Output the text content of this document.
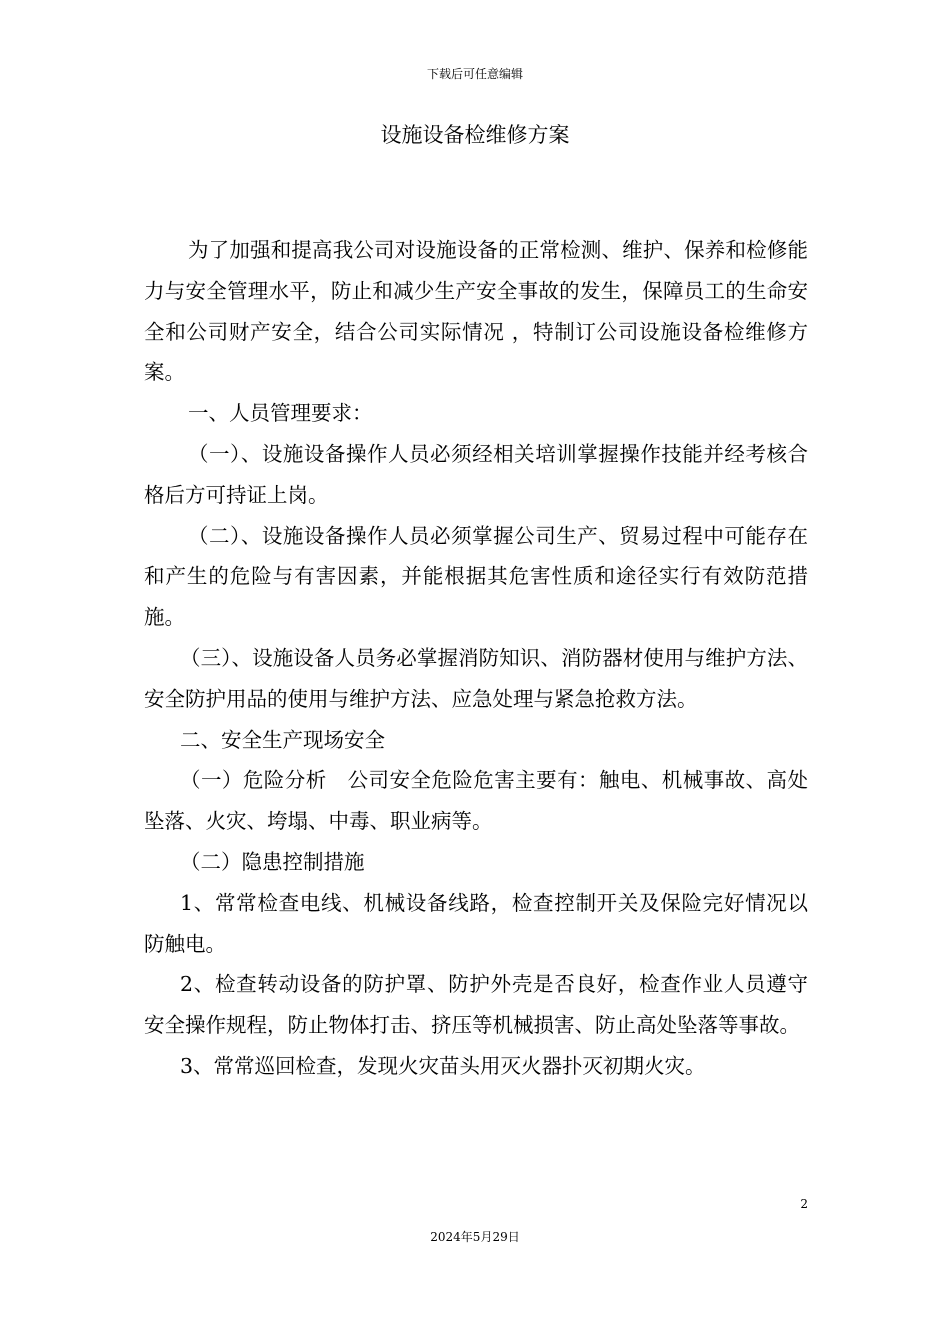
下载后可任意编辑
设施设备检维修方案

为了加强和提高我公司对设施设备的正常检测、维护、保养和检修能力与安全管理水平，防止和减少生产安全事故的发生，保障员工的生命安全和公司财产安全，结合公司实际情况 ，特制订公司设施设备检维修方案。

一、人员管理要求：

（一）、设施设备操作人员必须经相关培训掌握操作技能并经考核合格后方可持证上岗。

（二）、设施设备操作人员必须掌握公司生产、贸易过程中可能存在和产生的危险与有害因素，并能根据其危害性质和途径实行有效防范措施。

（三）、设施设备人员务必掌握消防知识、消防器材使用与维护方法、安全防护用品的使用与维护方法、应急处理与紧急抢救方法。

二、安全生产现场安全

（一）危险分析　公司安全危险危害主要有：触电、机械事故、高处坠落、火灾、垮塌、中毒、职业病等。

（二）隐患控制措施

1、常常检查电线、机械设备线路，检查控制开关及保险完好情况以防触电。

2、检查转动设备的防护罩、防护外壳是否良好，检查作业人员遵守安全操作规程，防止物体打击、挤压等机械损害、防止高处坠落等事故。

3、常常巡回检查，发现火灾苗头用灭火器扑灭初期火灾。

2
2024年5月29日
